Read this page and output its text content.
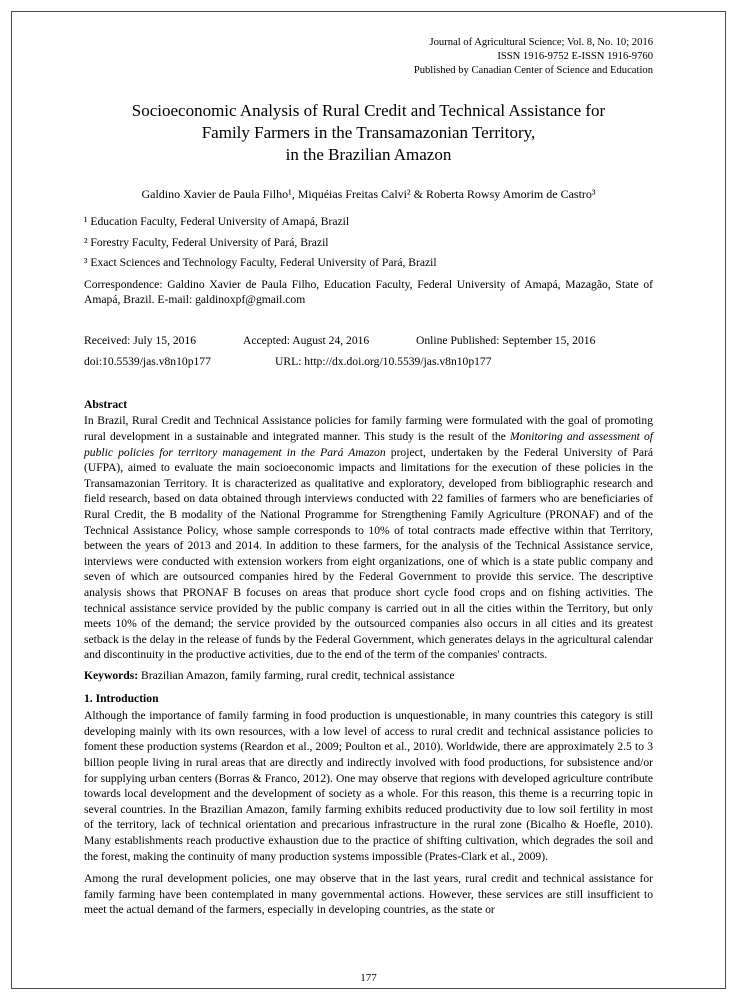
Journal of Agricultural Science; Vol. 8, No. 10; 2016
ISSN 1916-9752 E-ISSN 1916-9760
Published by Canadian Center of Science and Education
Socioeconomic Analysis of Rural Credit and Technical Assistance for
Family Farmers in the Transamazonian Territory,
in the Brazilian Amazon
Galdino Xavier de Paula Filho¹, Miquéias Freitas Calvi² & Roberta Rowsy Amorim de Castro³
¹ Education Faculty, Federal University of Amapá, Brazil
² Forestry Faculty, Federal University of Pará, Brazil
³ Exact Sciences and Technology Faculty, Federal University of Pará, Brazil

Correspondence: Galdino Xavier de Paula Filho, Education Faculty, Federal University of Amapá, Mazagão, State of Amapá, Brazil. E-mail: galdinoxpf@gmail.com

Received: July 15, 2016	Accepted: August 24, 2016	Online Published: September 15, 2016
doi:10.5539/jas.v8n10p177	URL: http://dx.doi.org/10.5539/jas.v8n10p177
Abstract

In Brazil, Rural Credit and Technical Assistance policies for family farming were formulated with the goal of promoting rural development in a sustainable and integrated manner. This study is the result of the Monitoring and assessment of public policies for territory management in the Pará Amazon project, undertaken by the Federal University of Pará (UFPA), aimed to evaluate the main socioeconomic impacts and limitations for the execution of these policies in the Transamazonian Territory. It is characterized as qualitative and exploratory, developed from bibliographic research and field research, based on data obtained through interviews conducted with 22 families of farmers who are beneficiaries of Rural Credit, the B modality of the National Programme for Strengthening Family Agriculture (PRONAF) and of the Technical Assistance Policy, whose sample corresponds to 10% of total contracts made effective within that Territory, between the years of 2013 and 2014. In addition to these farmers, for the analysis of the Technical Assistance service, interviews were conducted with extension workers from eight organizations, one of which is a state public company and seven of which are outsourced companies hired by the Federal Government to provide this service. The descriptive analysis shows that PRONAF B focuses on areas that produce short cycle food crops and on fishing activities. The technical assistance service provided by the public company is carried out in all the cities within the Territory, but only meets 10% of the demand; the service provided by the outsourced companies also occurs in all cities and its greatest setback is the delay in the release of funds by the Federal Government, which generates delays in the agricultural calendar and discontinuity in the productive activities, due to the end of the term of the companies' contracts.

Keywords: Brazilian Amazon, family farming, rural credit, technical assistance

1. Introduction

Although the importance of family farming in food production is unquestionable, in many countries this category is still developing mainly with its own resources, with a low level of access to rural credit and technical assistance policies to foment these production systems (Reardon et al., 2009; Poulton et al., 2010). Worldwide, there are approximately 2.5 to 3 billion people living in rural areas that are directly and indirectly involved with food productions, for subsistence and/or for supplying urban centers (Borras & Franco, 2012). One may observe that regions with developed agriculture contribute towards local development and the development of society as a whole. For this reason, this theme is a recurring topic in several countries. In the Brazilian Amazon, family farming exhibits reduced productivity due to low soil fertility in most of the territory, lack of technical orientation and precarious infrastructure in the rural zone (Bicalho & Hoefle, 2010). Many establishments reach productive exhaustion due to the practice of shifting cultivation, which degrades the soil and the forest, making the continuity of many production systems impossible (Prates-Clark et al., 2009).

Among the rural development policies, one may observe that in the last years, rural credit and technical assistance for family farming have been contemplated in many governmental actions. However, these services are still insufficient to meet the actual demand of the farmers, especially in developing countries, as the state or

177
